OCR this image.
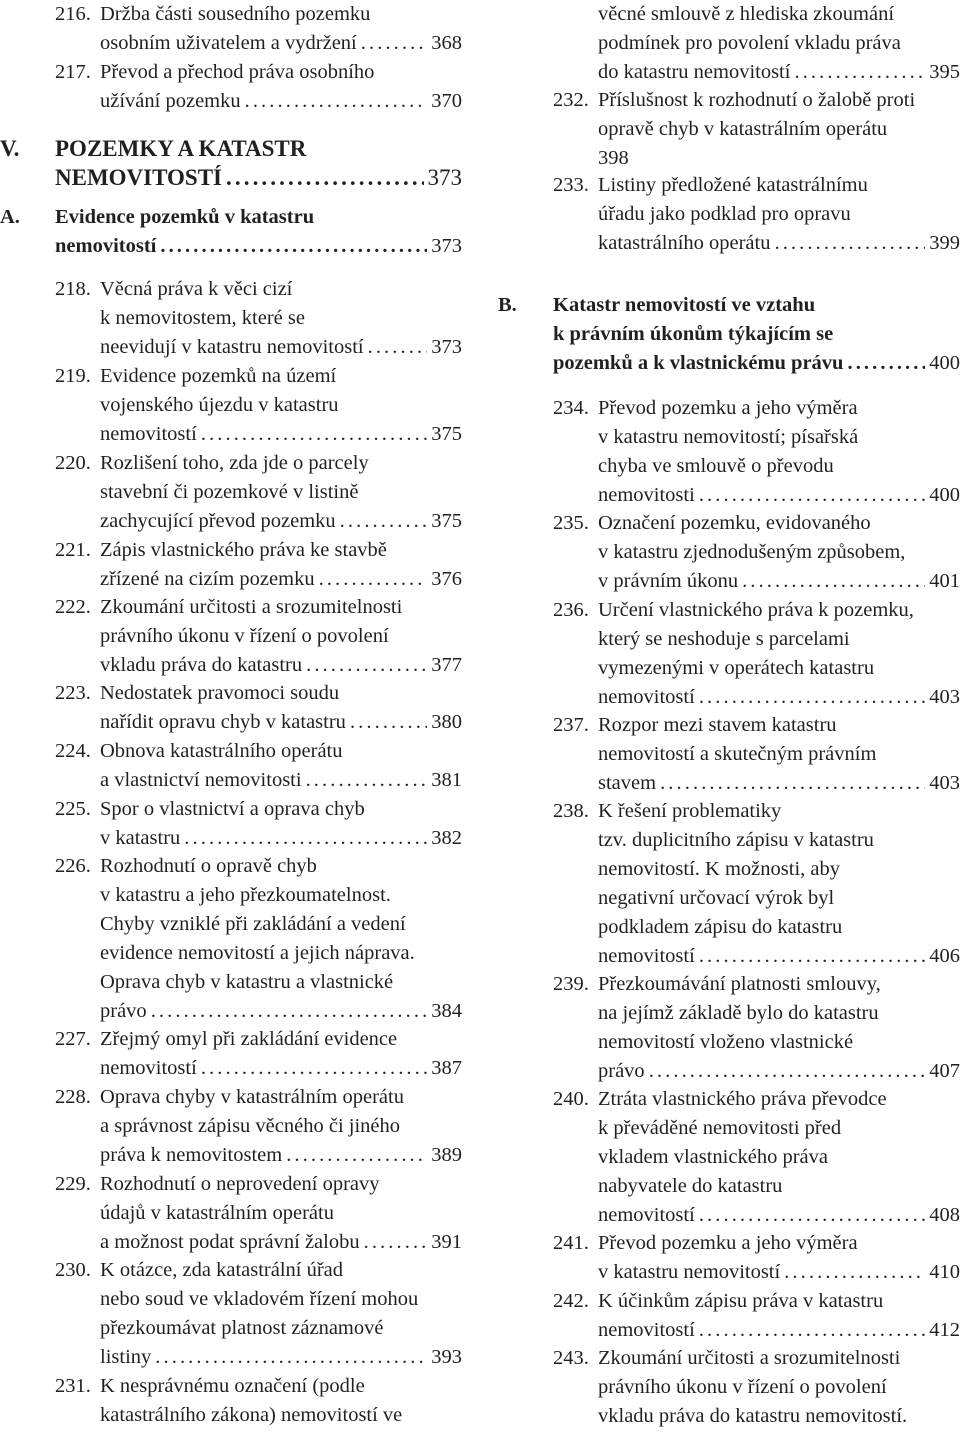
216. Držba části sousedního pozemku
osobním uživatelem a vydržení .....	368
217. Převod a přechod práva osobního
užívání pozemku .....	370
V. POZEMKY A KATASTR
NEMOVITOSTÍ .....	373
A. Evidence pozemků v katastru
nemovitostí .....	373
218. Věcná práva k věci cizí
k nemovitostem, které se
neevidují v katastru nemovitostí .....	373
219. Evidence pozemků na území
vojenského újezdu v katastru
nemovitostí .....	375
220. Rozlišení toho, zda jde o parcely
stavební či pozemkové v listině
zachycující převod pozemku .....	375
221. Zápis vlastnického práva ke stavbě
zřízené na cizím pozemku .....	376
222. Zkoumání určitosti a srozumitelnosti
právního úkonu v řízení o povolení
vkladu práva do katastru .....	377
223. Nedostatek pravomoci soudu
nařídit opravu chyb v katastru .....	380
224. Obnova katastrálního operátu
a vlastnictví nemovitosti .....	381
225. Spor o vlastnictví a oprava chyb
v katastru .....	382
226. Rozhodnutí o opravě chyb
v katastru a jeho přezkoumatelnost.
Chyby vzniklé při zakládání a vedení
evidence nemovitostí a jejich náprava.
Oprava chyb v katastru a vlastnické
právo .....	384
227. Zřejmý omyl při zakládání evidence
nemovitostí .....	387
228. Oprava chyby v katastrálním operátu
a správnost zápisu věcného či jiného
práva k nemovitostem .....	389
229. Rozhodnutí o neprovedení opravy
údajů v katastrálním operátu
a možnost podat správní žalobu .....	391
230. K otázce, zda katastrální úřad
nebo soud ve vkladovém řízení mohou
přezkoumávat platnost záznamové
listiny .....	393
231. K nesprávnému označení (podle
katastrálního zákona) nemovitostí ve
věcné smlouvě z hlediska zkoumání
podmínek pro povolení vkladu práva
do katastru nemovitostí .....	395
232. Příslušnost k rozhodnutí o žalobě proti
opravě chyb v katastrálním operátu
398
233. Listiny předložené katastrálnímu
úřadu jako podklad pro opravu
katastrálního operátu .....	399
B. Katastr nemovitostí ve vztahu
k právním úkonům týkajícím se
pozemků a k vlastnickému právu .....	400
234. Převod pozemku a jeho výměra
v katastru nemovitostí; písařská
chyba ve smlouvě o převodu
nemovitosti .....	400
235. Označení pozemku, evidovaného
v katastru zjednodušeným způsobem,
v právním úkonu .....	401
236. Určení vlastnického práva k pozemku,
který se neshoduje s parcelami
vymezenými v operátech katastru
nemovitostí .....	403
237. Rozpor mezi stavem katastru
nemovitostí a skutečným právním
stavem .....	403
238. K řešení problematiky
tzv. duplicitního zápisu v katastru
nemovitostí. K možnosti, aby
negativní určovací výrok byl
podkladem zápisu do katastru
nemovitostí .....	406
239. Přezkoumávání platnosti smlouvy,
na jejímž základě bylo do katastru
nemovitostí vloženo vlastnické
právo .....	407
240. Ztráta vlastnického práva převodce
k převáděné nemovitosti před
vkladem vlastnického práva
nabyvatele do katastru
nemovitostí .....	408
241. Převod pozemku a jeho výměra
v katastru nemovitostí .....	410
242. K účinkům zápisu práva v katastru
nemovitostí .....	412
243. Zkoumání určitosti a srozumitelnosti
právního úkonu v řízení o povolení
vkladu práva do katastru nemovitostí.
